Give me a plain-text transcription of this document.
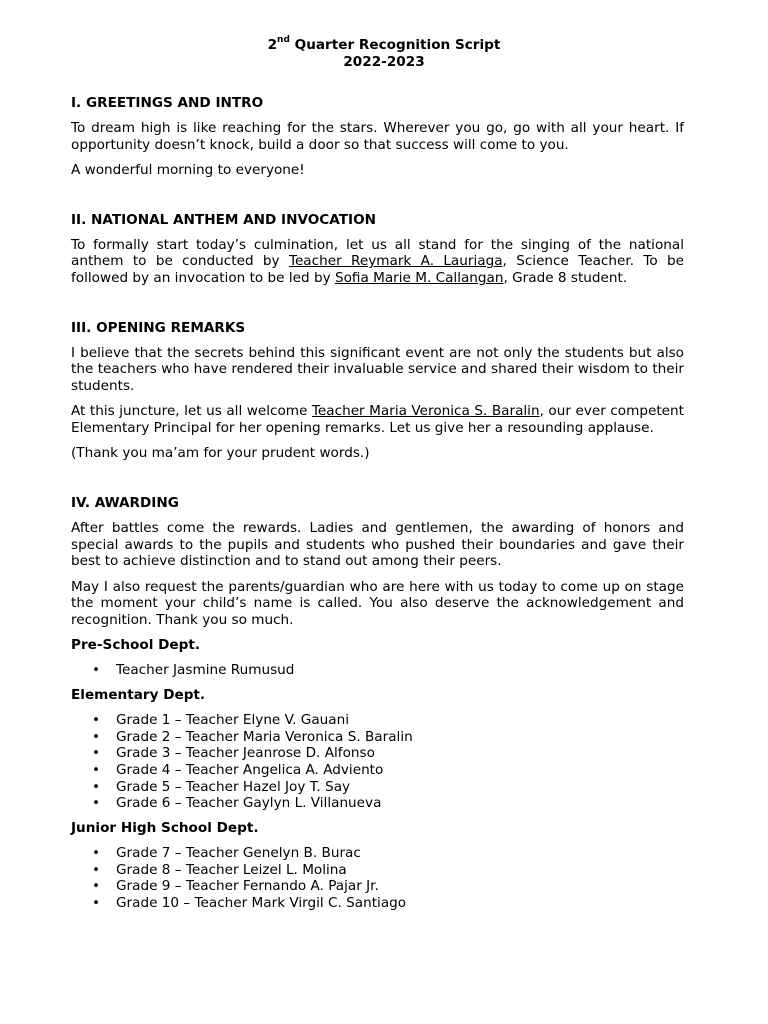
2nd Quarter Recognition Script
2022-2023
I. GREETINGS AND INTRO

To dream high is like reaching for the stars. Wherever you go, go with all your heart. If opportunity doesn’t knock, build a door so that success will come to you.

A wonderful morning to everyone!

II. NATIONAL ANTHEM AND INVOCATION

To formally start today’s culmination, let us all stand for the singing of the national anthem to be conducted by Teacher Reymark A. Lauriaga, Science Teacher. To be followed by an invocation to be led by Sofia Marie M. Callangan, Grade 8 student.

III. OPENING REMARKS

I believe that the secrets behind this significant event are not only the students but also the teachers who have rendered their invaluable service and shared their wisdom to their students.

At this juncture, let us all welcome Teacher Maria Veronica S. Baralin, our ever competent Elementary Principal for her opening remarks. Let us give her a resounding applause.

(Thank you ma’am for your prudent words.)

IV. AWARDING

After battles come the rewards. Ladies and gentlemen, the awarding of honors and special awards to the pupils and students who pushed their boundaries and gave their best to achieve distinction and to stand out among their peers.

May I also request the parents/guardian who are here with us today to come up on stage the moment your child’s name is called. You also deserve the acknowledgement and recognition. Thank you so much.

Pre-School Dept.
• Teacher Jasmine Rumusud
Elementary Dept.
• Grade 1 – Teacher Elyne V. Gauani
• Grade 2 – Teacher Maria Veronica S. Baralin
• Grade 3 – Teacher Jeanrose D. Alfonso
• Grade 4 – Teacher Angelica A. Adviento
• Grade 5 – Teacher Hazel Joy T. Say
• Grade 6 – Teacher Gaylyn L. Villanueva
Junior High School Dept.
• Grade 7 – Teacher Genelyn B. Burac
• Grade 8 – Teacher Leizel L. Molina
• Grade 9 – Teacher Fernando A. Pajar Jr.
• Grade 10 – Teacher Mark Virgil C. Santiago
